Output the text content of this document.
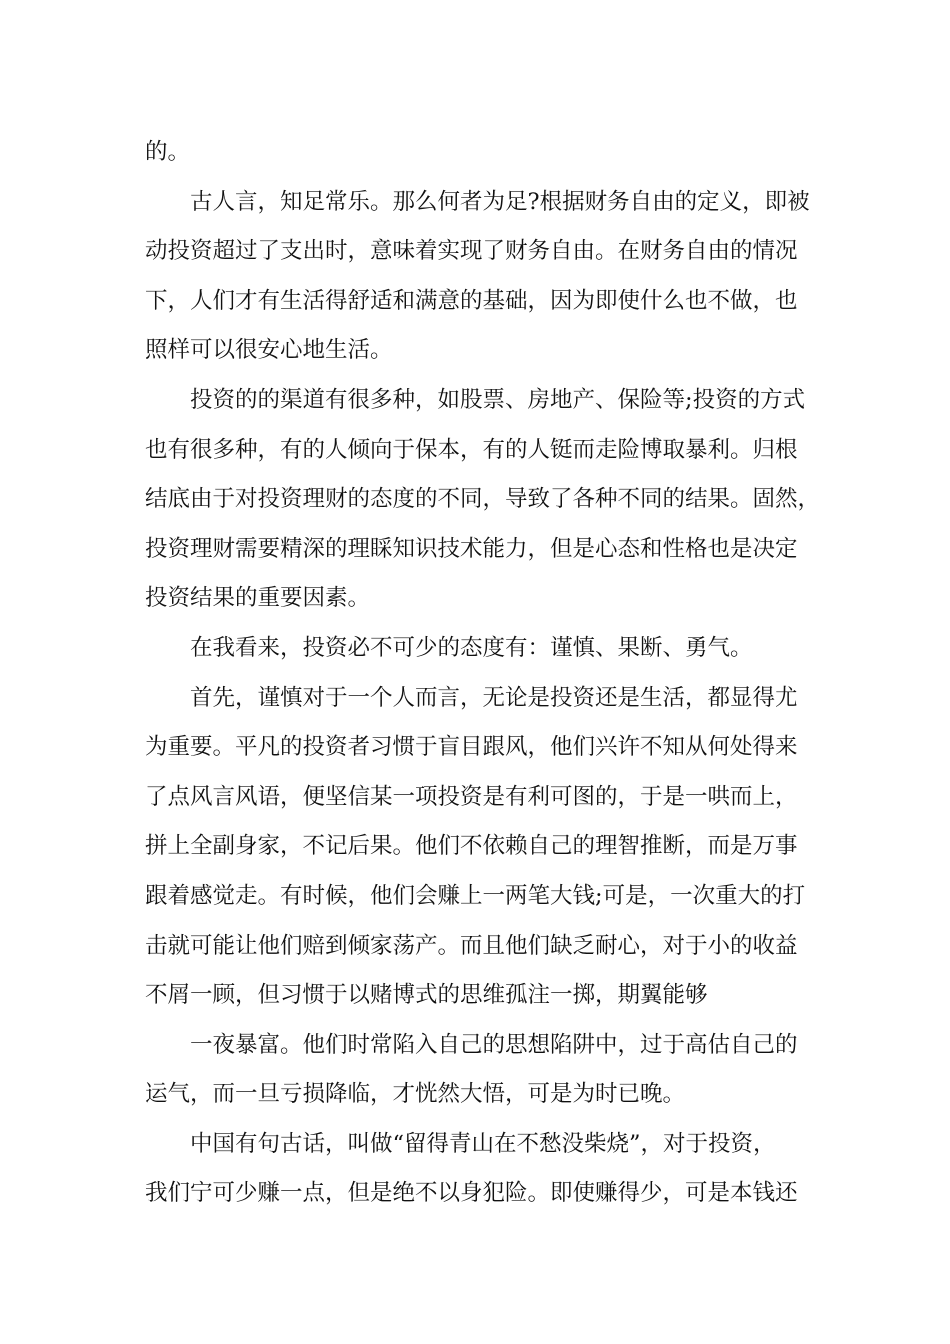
的。
古人言，知足常乐。那么何者为足?根据财务自由的定义，即被
动投资超过了支出时，意味着实现了财务自由。在财务自由的情况
下，人们才有生活得舒适和满意的基础，因为即使什么也不做，也
照样可以很安心地生活。
投资的的渠道有很多种，如股票、房地产、保险等;投资的方式
也有很多种，有的人倾向于保本，有的人铤而走险博取暴利。归根
结底由于对投资理财的态度的不同，导致了各种不同的结果。固然，
投资理财需要精深的理睬知识技术能力，但是心态和性格也是决定
投资结果的重要因素。
在我看来，投资必不可少的态度有：谨慎、果断、勇气。
首先，谨慎对于一个人而言，无论是投资还是生活，都显得尤
为重要。平凡的投资者习惯于盲目跟风，他们兴许不知从何处得来
了点风言风语，便坚信某一项投资是有利可图的，于是一哄而上，
拼上全副身家，不记后果。他们不依赖自己的理智推断，而是万事
跟着感觉走。有时候，他们会赚上一两笔大钱;可是，一次重大的打
击就可能让他们赔到倾家荡产。而且他们缺乏耐心，对于小的收益
不屑一顾，但习惯于以赌博式的思维孤注一掷，期翼能够
一夜暴富。他们时常陷入自己的思想陷阱中，过于高估自己的
运气，而一旦亏损降临，才恍然大悟，可是为时已晚。
中国有句古话，叫做“留得青山在不愁没柴烧”，对于投资，
我们宁可少赚一点，但是绝不以身犯险。即使赚得少，可是本钱还
